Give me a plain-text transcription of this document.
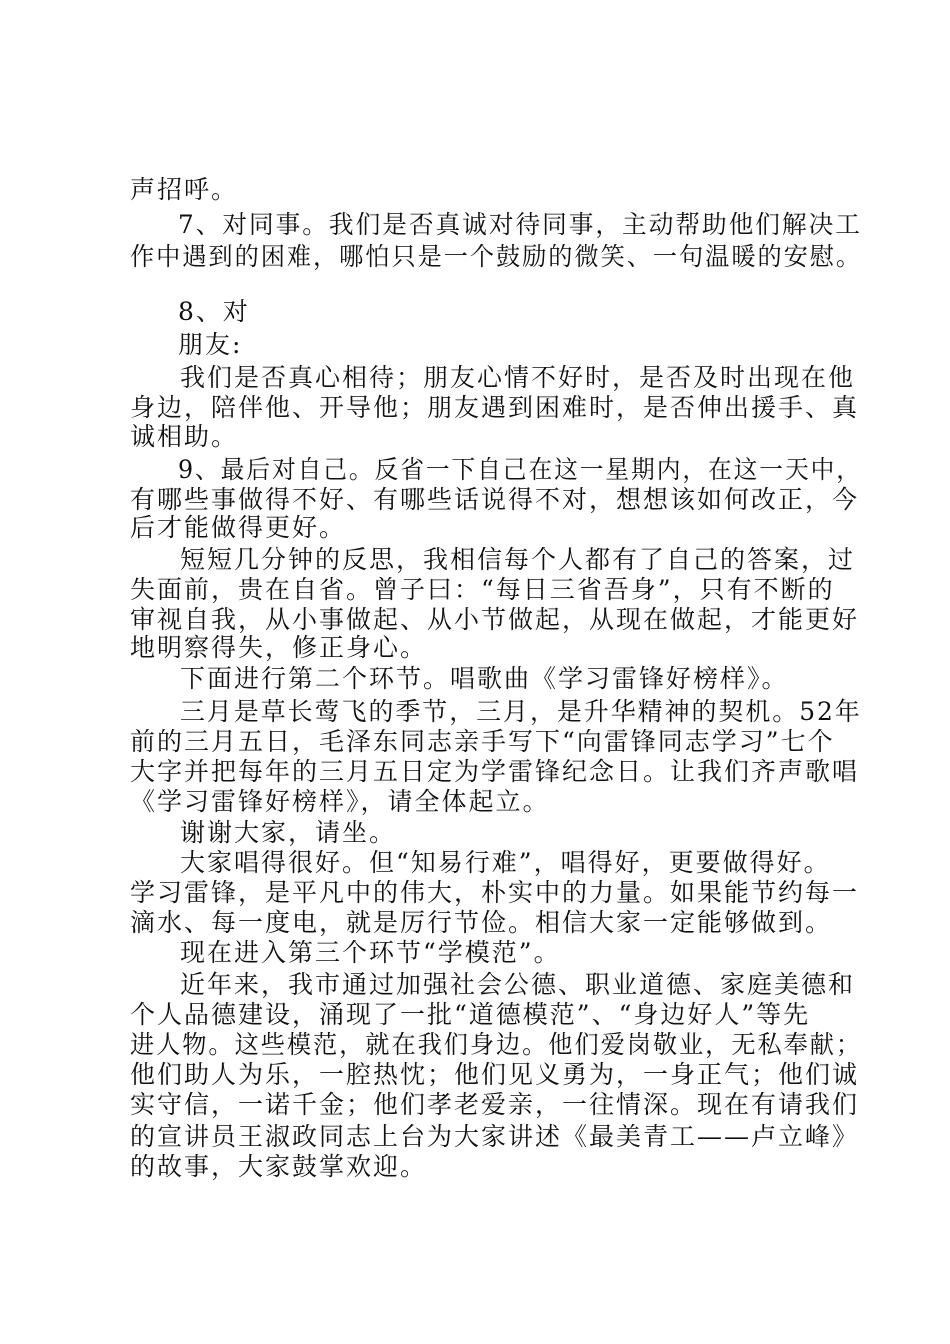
声招呼。
7、对同事。我们是否真诚对待同事，主动帮助他们解决工
作中遇到的困难，哪怕只是一个鼓励的微笑、一句温暖的安慰。
8、对
朋友:
我们是否真心相待；朋友心情不好时，是否及时出现在他
身边，陪伴他、开导他；朋友遇到困难时，是否伸出援手、真
诚相助。
9、最后对自己。反省一下自己在这一星期内，在这一天中，
有哪些事做得不好、有哪些话说得不对，想想该如何改正，今
后才能做得更好。
短短几分钟的反思，我相信每个人都有了自己的答案，过
失面前，贵在自省。曾子曰：“每日三省吾身”，只有不断的
审视自我，从小事做起、从小节做起，从现在做起，才能更好
地明察得失，修正身心。
下面进行第二个环节。唱歌曲《学习雷锋好榜样》。
三月是草长莺飞的季节，三月，是升华精神的契机。52年
前的三月五日，毛泽东同志亲手写下“向雷锋同志学习”七个
大字并把每年的三月五日定为学雷锋纪念日。让我们齐声歌唱
《学习雷锋好榜样》，请全体起立。
谢谢大家，请坐。
大家唱得很好。但“知易行难”，唱得好，更要做得好。
学习雷锋，是平凡中的伟大，朴实中的力量。如果能节约每一
滴水、每一度电，就是厉行节俭。相信大家一定能够做到。
现在进入第三个环节“学模范”。
近年来，我市通过加强社会公德、职业道德、家庭美德和
个人品德建设，涌现了一批“道德模范”、“身边好人”等先
进人物。这些模范，就在我们身边。他们爱岗敬业，无私奉献；
他们助人为乐，一腔热忱；他们见义勇为，一身正气；他们诚
实守信，一诺千金；他们孝老爱亲，一往情深。现在有请我们
的宣讲员王淑政同志上台为大家讲述《最美青工——卢立峰》
的故事，大家鼓掌欢迎。
